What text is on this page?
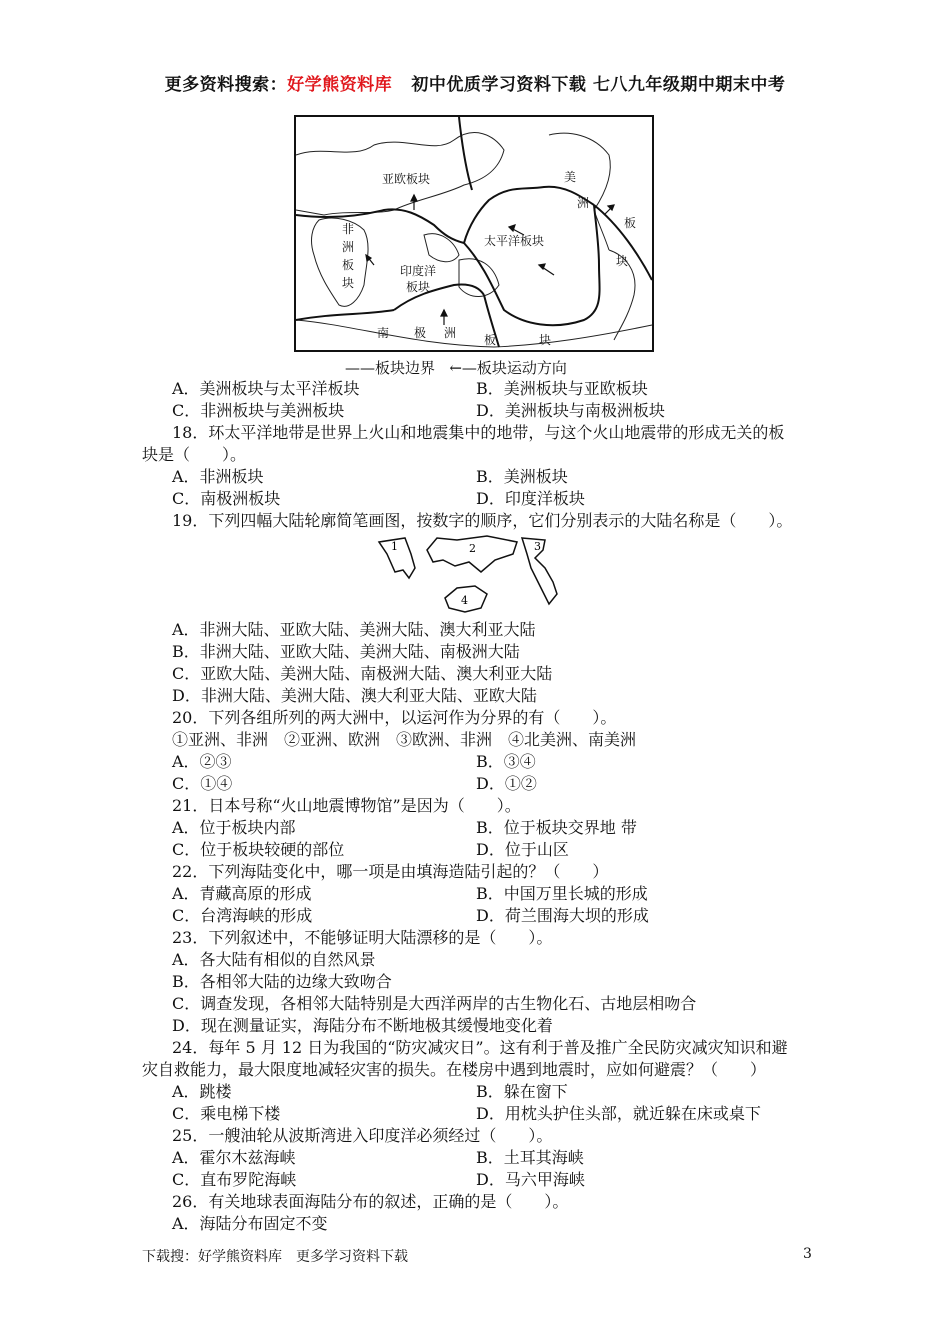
更多资料搜索：好学熊资料库 初中优质学习资料下载 七八九年级期中期末中考
亚欧板块	美
洲
板
块
非
洲
板
块
太平洋板块
印度洋
板块
南 极 洲 板	块
——板块边界 ←—板块运动方向
A．美洲板块与太平洋板块	B．美洲板块与亚欧板块
C．非洲板块与美洲板块	D．美洲板块与南极洲板块
18．环太平洋地带是世界上火山和地震集中的地带，与这个火山地震带的形成无关的板
块是（　　）。
A．非洲板块	B．美洲板块
C．南极洲板块	D．印度洋板块
19．下列四幅大陆轮廓简笔画图，按数字的顺序，它们分别表示的大陆名称是（　　）。
1	2	3
4
A．非洲大陆、亚欧大陆、美洲大陆、澳大利亚大陆
B．非洲大陆、亚欧大陆、美洲大陆、南极洲大陆
C．亚欧大陆、美洲大陆、南极洲大陆、澳大利亚大陆
D．非洲大陆、美洲大陆、澳大利亚大陆、亚欧大陆
20．下列各组所列的两大洲中，以运河作为分界的有（　　）。
①亚洲、非洲　②亚洲、欧洲　③欧洲、非洲　④北美洲、南美洲
A．②③	B．③④
C．①④	D．①②
21．日本号称“火山地震博物馆”是因为（　　）。
A．位于板块内部	B．位于板块交界地 带
C．位于板块较硬的部位	D．位于山区
22．下列海陆变化中，哪一项是由填海造陆引起的？（　　）
A．青藏高原的形成	B．中国万里长城的形成
C．台湾海峡的形成	D．荷兰围海大坝的形成
23．下列叙述中，不能够证明大陆漂移的是（　　）。
A．各大陆有相似的自然风景
B．各相邻大陆的边缘大致吻合
C．调查发现，各相邻大陆特别是大西洋两岸的古生物化石、古地层相吻合
D．现在测量证实，海陆分布不断地极其缓慢地变化着
24．每年 5 月 12 日为我国的“防灾减灾日”。这有利于普及推广全民防灾减灾知识和避
灾自救能力，最大限度地减轻灾害的损失。在楼房中遇到地震时，应如何避震？（　　）
A．跳楼	B．躲在窗下
C．乘电梯下楼	D．用枕头护住头部，就近躲在床或桌下
25．一艘油轮从波斯湾进入印度洋必须经过（　　）。
A．霍尔木兹海峡	B．土耳其海峡
C．直布罗陀海峡	D．马六甲海峡
26．有关地球表面海陆分布的叙述，正确的是（　　）。
A．海陆分布固定不变
下载搜：好学熊资料库　更多学习资料下载	3
